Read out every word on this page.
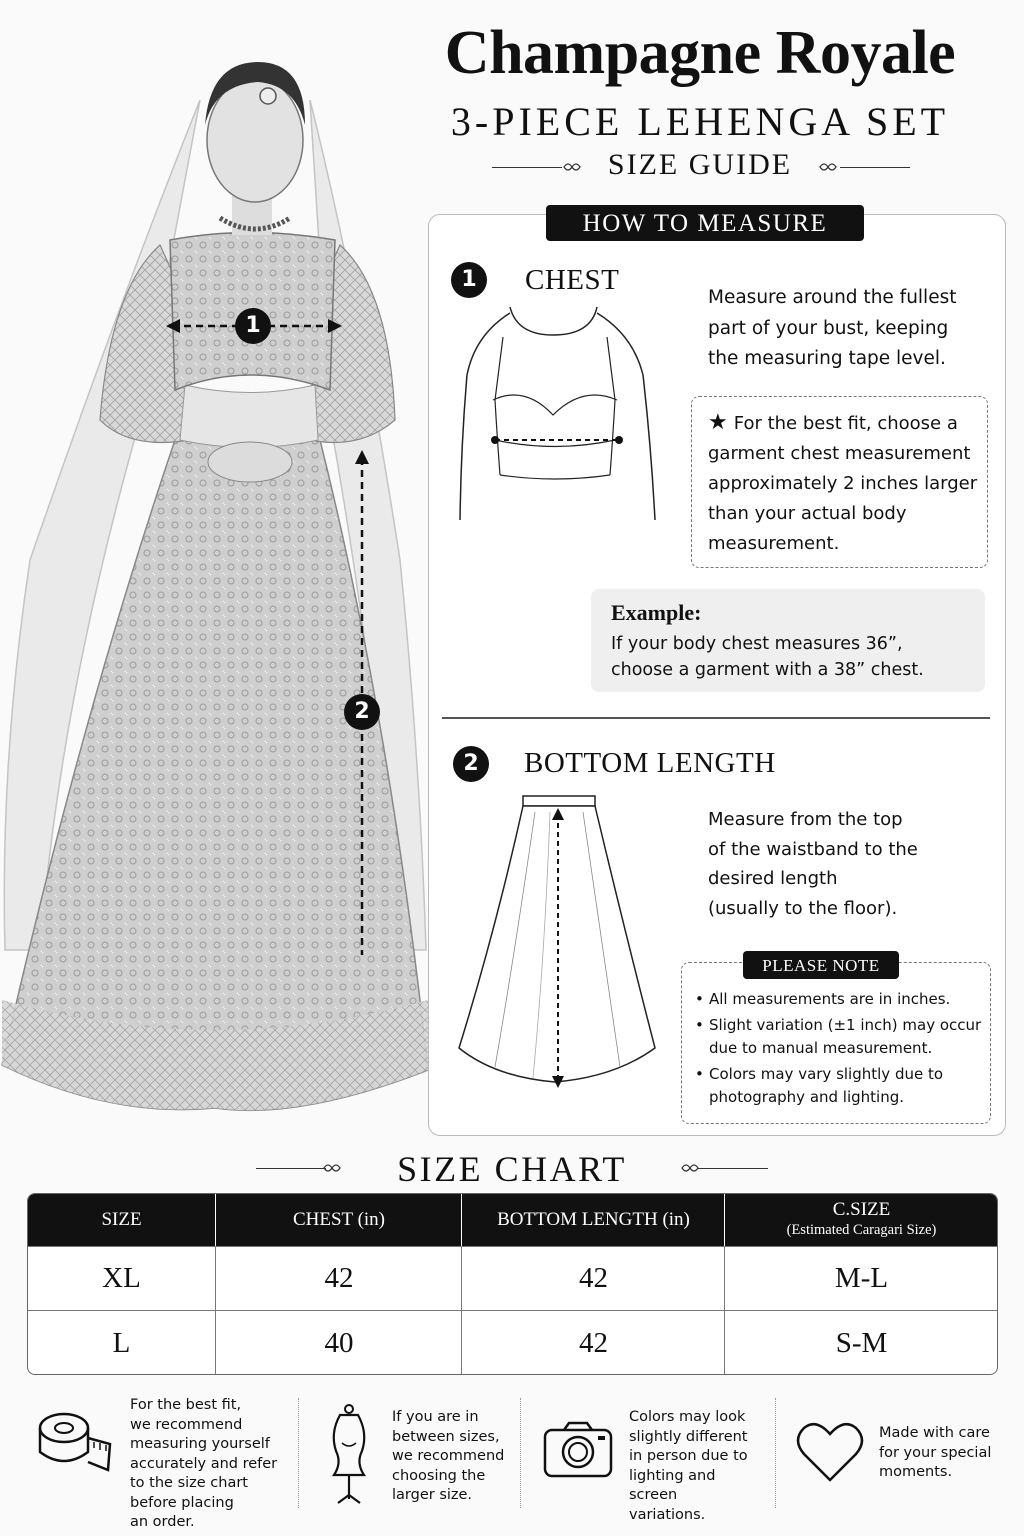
Champagne Royale
3-PIECE LEHENGA SET
SIZE GUIDE
1
2
HOW TO MEASURE
1	CHEST
Measure around the fullest
part of your bust, keeping
the measuring tape level.
★ For the best fit, choose a
garment chest measurement
approximately 2 inches larger
than your actual body
measurement.
Example:
If your body chest measures 36”,
choose a garment with a 38” chest.
2	BOTTOM LENGTH
Measure from the top
of the waistband to the
desired length
(usually to the floor).
PLEASE NOTE
• All measurements are in inches.
• Slight variation (±1 inch) may occur
due to manual measurement.
• Colors may vary slightly due to
photography and lighting.
SIZE CHART
SIZE	CHEST (in)	BOTTOM LENGTH (in)	C.SIZE
(Estimated Caragari Size)
XL	42	42	M-L
L	40	42	S-M
For the best fit,
we recommend
measuring yourself
accurately and refer
to the size chart
before placing
an order.
If you are in
between sizes,
we recommend
choosing the
larger size.
Colors may look
slightly different
in person due to
lighting and screen
variations.
Made with care
for your special
moments.
